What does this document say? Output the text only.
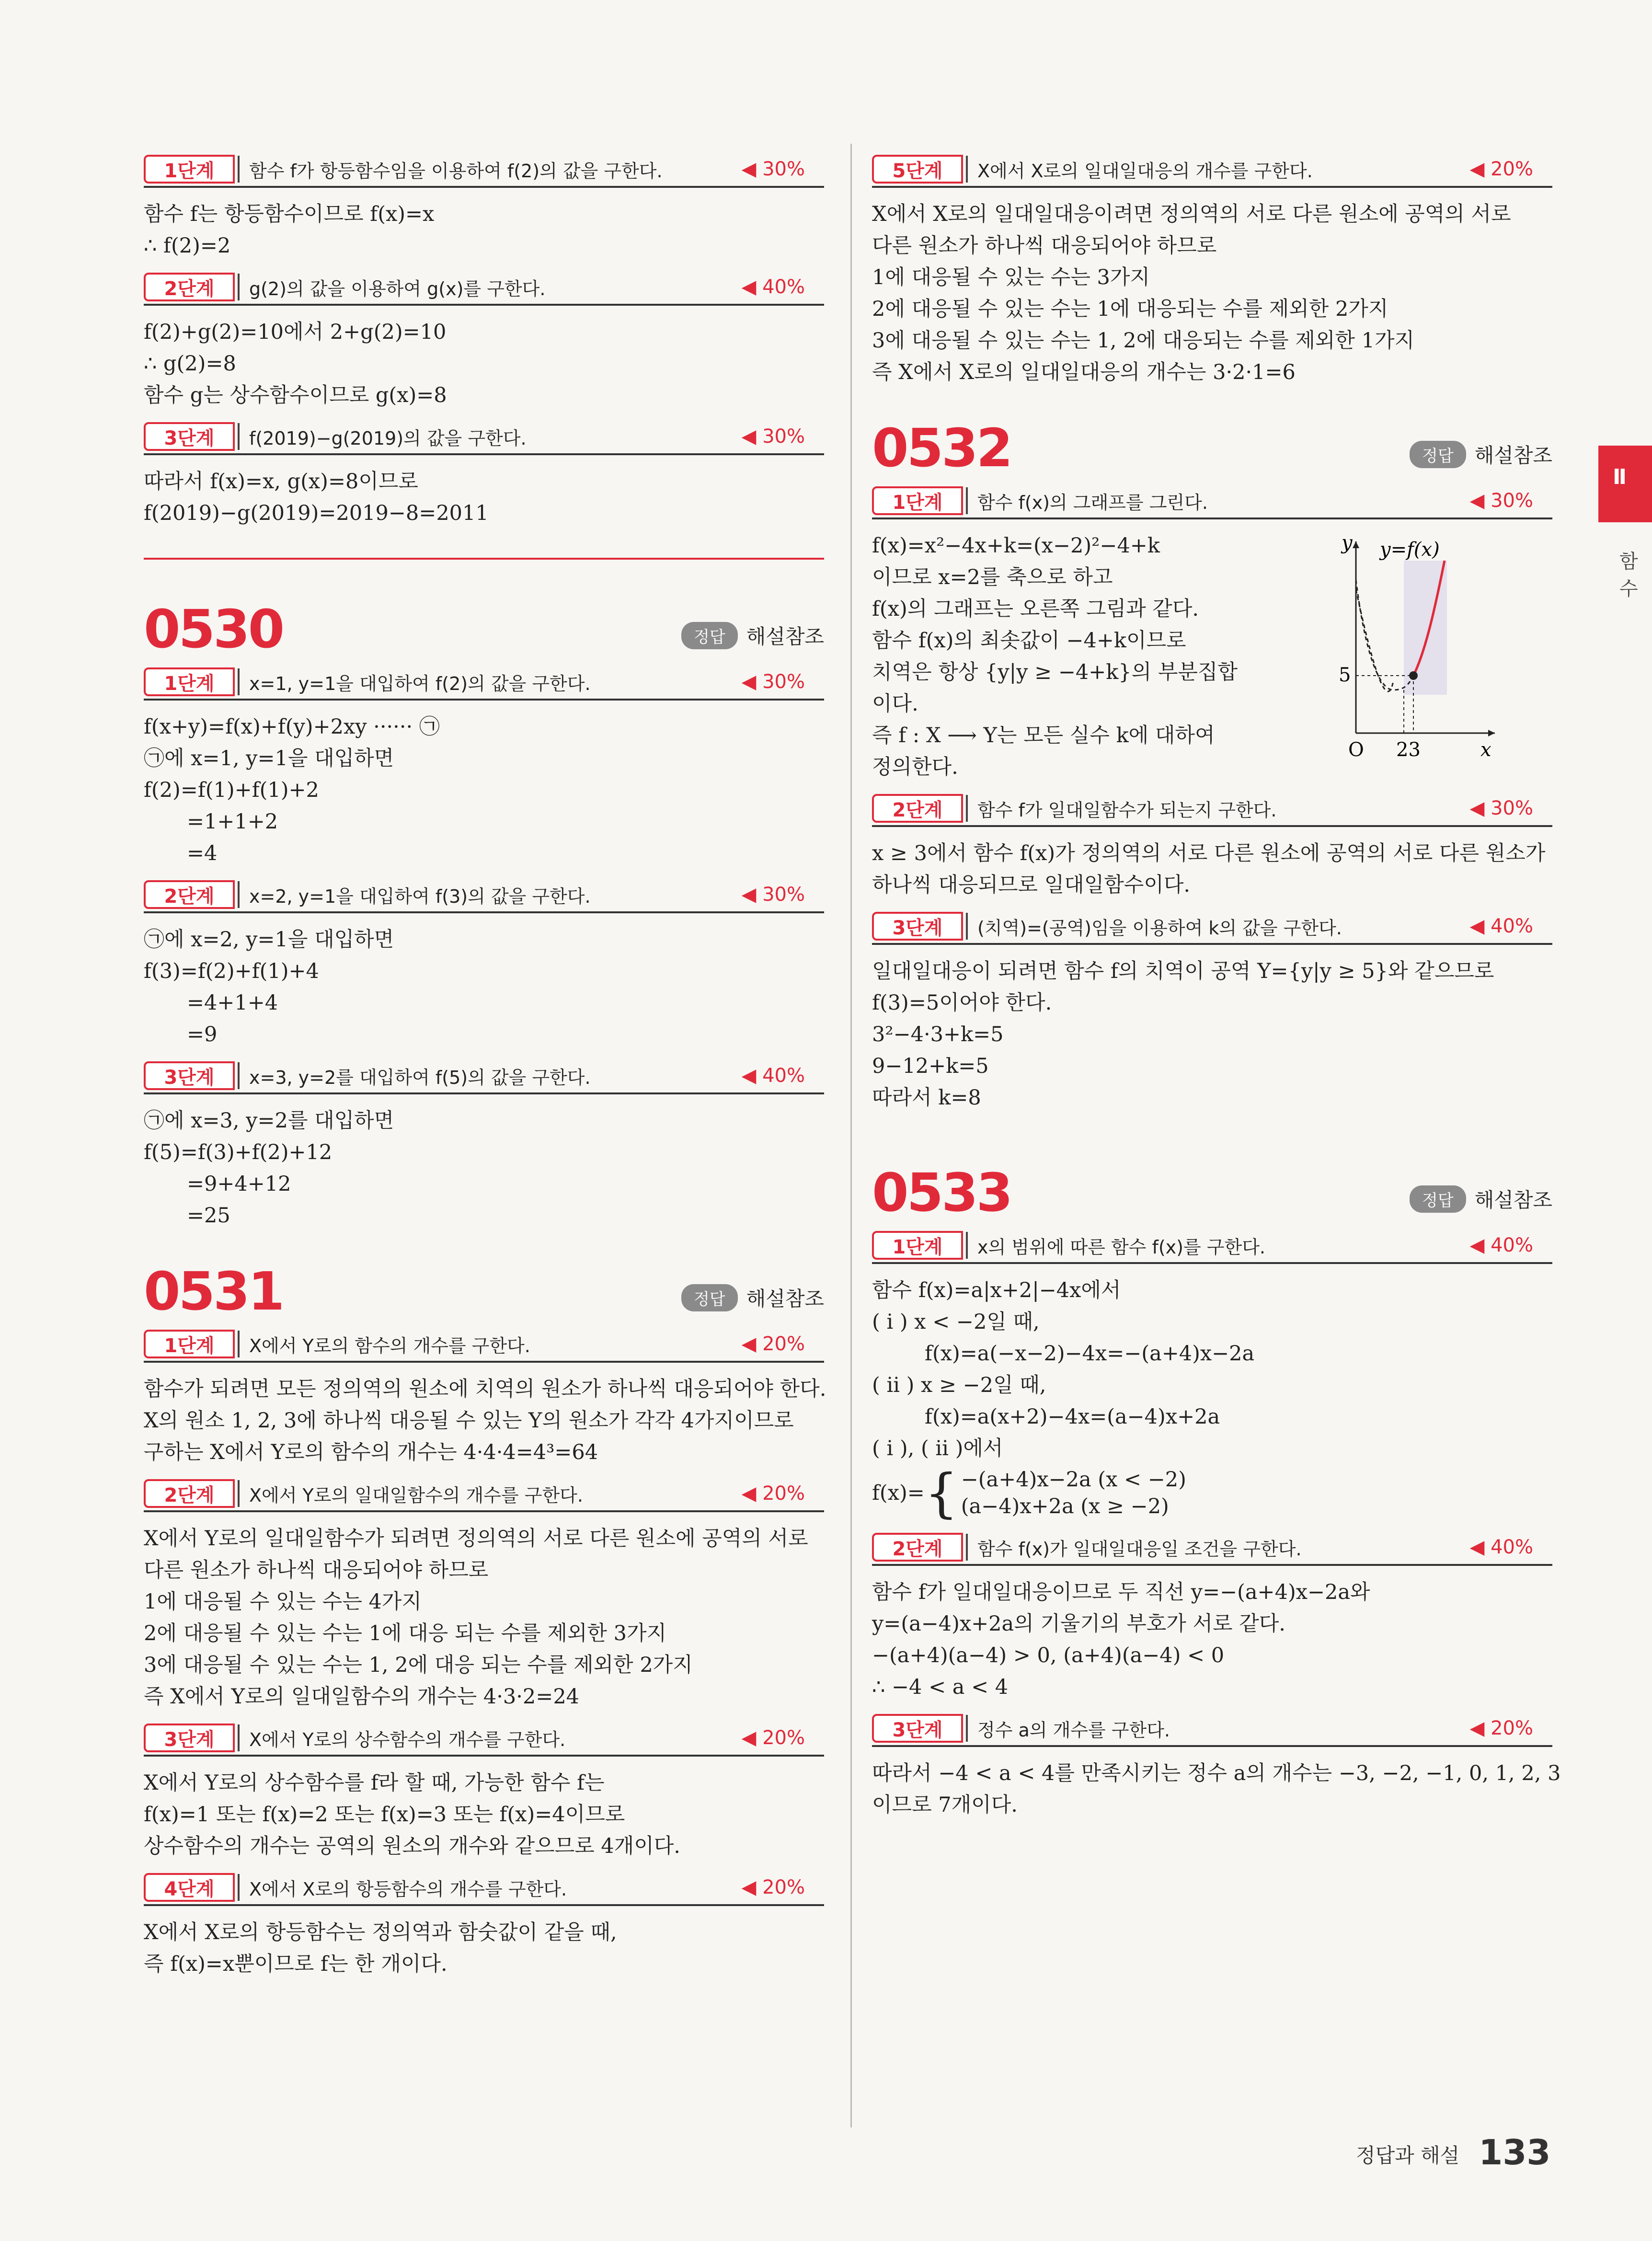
1단계	함수 f가 항등함수임을 이용하여 f(2)의 값을 구한다.	◀ 30%
함수 f는 항등함수이므로 f(x)=x
∴ f(2)=2
2단계	g(2)의 값을 이용하여 g(x)를 구한다.	◀ 40%
f(2)+g(2)=10에서 2+g(2)=10
∴ g(2)=8
함수 g는 상수함수이므로 g(x)=8
3단계	f(2019)−g(2019)의 값을 구한다.	◀ 30%
따라서 f(x)=x, g(x)=8이므로
f(2019)−g(2019)=2019−8=2011
0530	정답	해설참조
1단계	x=1, y=1을 대입하여 f(2)의 값을 구한다.	◀ 30%
f(x+y)=f(x)+f(y)+2xy ······ ㉠
㉠에 x=1, y=1을 대입하면
f(2)=f(1)+f(1)+2
=1+1+2
=4
2단계	x=2, y=1을 대입하여 f(3)의 값을 구한다.	◀ 30%
㉠에 x=2, y=1을 대입하면
f(3)=f(2)+f(1)+4
=4+1+4
=9
3단계	x=3, y=2를 대입하여 f(5)의 값을 구한다.	◀ 40%
㉠에 x=3, y=2를 대입하면
f(5)=f(3)+f(2)+12
=9+4+12
=25
0531	정답	해설참조
1단계	X에서 Y로의 함수의 개수를 구한다.	◀ 20%
함수가 되려면 모든 정의역의 원소에 치역의 원소가 하나씩 대응되어야 한다.
X의 원소 1, 2, 3에 하나씩 대응될 수 있는 Y의 원소가 각각 4가지이므로
구하는 X에서 Y로의 함수의 개수는 4·4·4=4³=64
2단계	X에서 Y로의 일대일함수의 개수를 구한다.	◀ 20%
X에서 Y로의 일대일함수가 되려면 정의역의 서로 다른 원소에 공역의 서로
다른 원소가 하나씩 대응되어야 하므로
1에 대응될 수 있는 수는 4가지
2에 대응될 수 있는 수는 1에 대응 되는 수를 제외한 3가지
3에 대응될 수 있는 수는 1, 2에 대응 되는 수를 제외한 2가지
즉 X에서 Y로의 일대일함수의 개수는 4·3·2=24
3단계	X에서 Y로의 상수함수의 개수를 구한다.	◀ 20%
X에서 Y로의 상수함수를 f라 할 때, 가능한 함수 f는
f(x)=1 또는 f(x)=2 또는 f(x)=3 또는 f(x)=4이므로
상수함수의 개수는 공역의 원소의 개수와 같으므로 4개이다.
4단계	X에서 X로의 항등함수의 개수를 구한다.	◀ 20%
X에서 X로의 항등함수는 정의역과 함숫값이 같을 때,
즉 f(x)=x뿐이므로 f는 한 개이다.
5단계	X에서 X로의 일대일대응의 개수를 구한다.	◀ 20%
X에서 X로의 일대일대응이려면 정의역의 서로 다른 원소에 공역의 서로
다른 원소가 하나씩 대응되어야 하므로
1에 대응될 수 있는 수는 3가지
2에 대응될 수 있는 수는 1에 대응되는 수를 제외한 2가지
3에 대응될 수 있는 수는 1, 2에 대응되는 수를 제외한 1가지
즉 X에서 X로의 일대일대응의 개수는 3·2·1=6
0532	정답	해설참조
1단계	함수 f(x)의 그래프를 그린다.	◀ 30%
f(x)=x²−4x+k=(x−2)²−4+k
이므로 x=2를 축으로 하고
f(x)의 그래프는 오른쪽 그림과 같다.
함수 f(x)의 최솟값이 −4+k이므로
치역은 항상 {y|y ≥ −4+k}의 부분집합
이다.
즉 f : X ⟶ Y는 모든 실수 k에 대하여
정의한다.
y y=f(x)
5
O 23	x
2단계	함수 f가 일대일함수가 되는지 구한다.	◀ 30%
x ≥ 3에서 함수 f(x)가 정의역의 서로 다른 원소에 공역의 서로 다른 원소가
하나씩 대응되므로 일대일함수이다.
3단계	(치역)=(공역)임을 이용하여 k의 값을 구한다.	◀ 40%
일대일대응이 되려면 함수 f의 치역이 공역 Y={y|y ≥ 5}와 같으므로
f(3)=5이어야 한다.
3²−4·3+k=5
9−12+k=5
따라서 k=8
0533	정답	해설참조
1단계	x의 범위에 따른 함수 f(x)를 구한다.	◀ 40%
함수 f(x)=a|x+2|−4x에서
( i ) x < −2일 때,
f(x)=a(−x−2)−4x=−(a+4)x−2a
( ii ) x ≥ −2일 때,
f(x)=a(x+2)−4x=(a−4)x+2a
( i ), ( ii )에서
f(x)= { −(a+4)x−2a (x < −2)
(a−4)x+2a (x ≥ −2)
2단계	함수 f(x)가 일대일대응일 조건을 구한다.	◀ 40%
함수 f가 일대일대응이므로 두 직선 y=−(a+4)x−2a와
y=(a−4)x+2a의 기울기의 부호가 서로 같다.
−(a+4)(a−4) > 0, (a+4)(a−4) < 0
∴ −4 < a < 4
3단계	정수 a의 개수를 구한다.	◀ 20%
따라서 −4 < a < 4를 만족시키는 정수 a의 개수는 −3, −2, −1, 0, 1, 2, 3
이므로 7개이다.
Ⅱ
함수
정답과 해설 133
